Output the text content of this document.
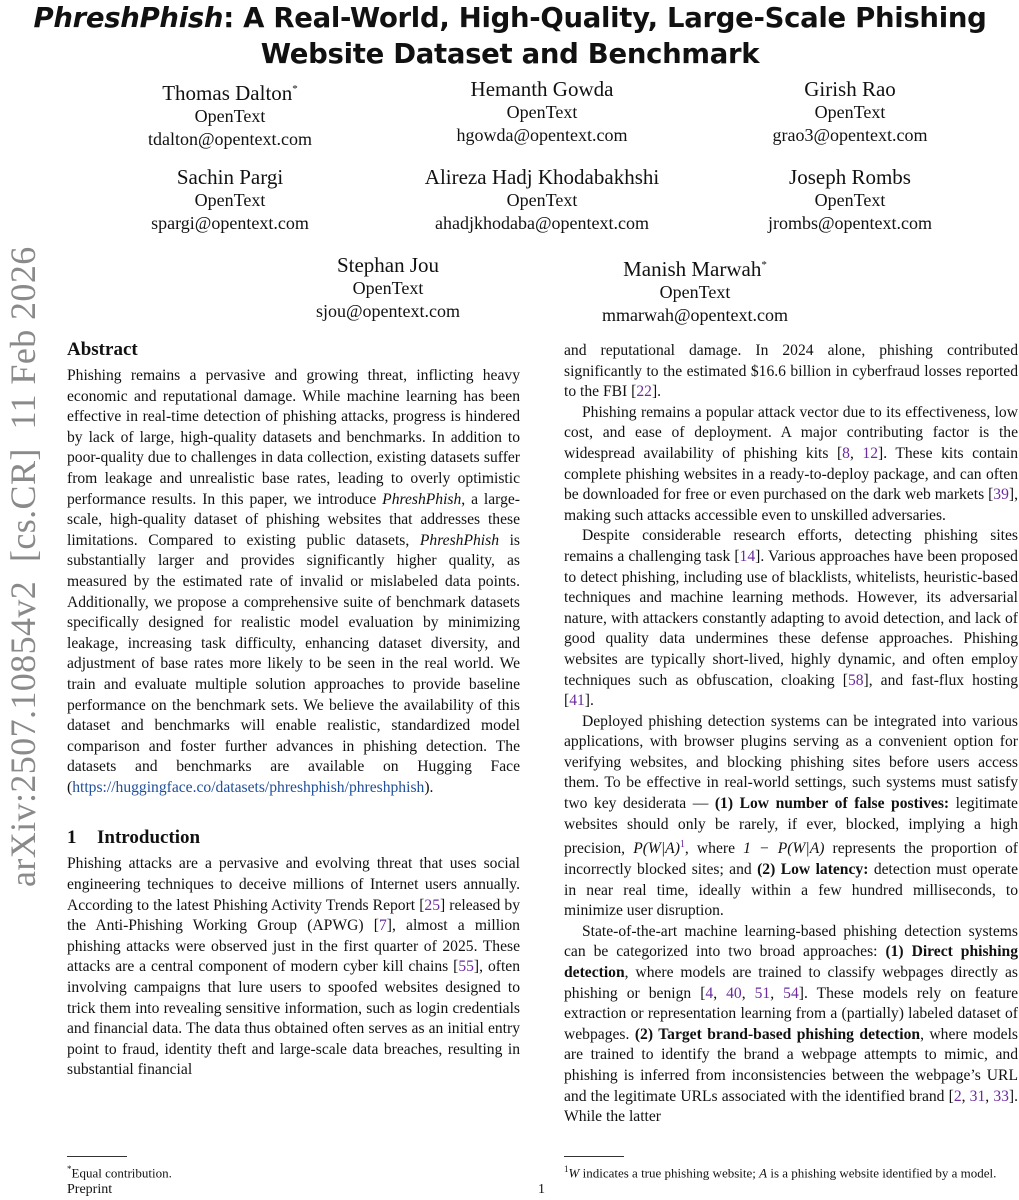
PhreshPhish: A Real-World, High-Quality, Large-Scale Phishing
Website Dataset and Benchmark
Thomas Dalton*
OpenText
tdalton@opentext.com
Hemanth Gowda
OpenText
hgowda@opentext.com
Girish Rao
OpenText
grao3@opentext.com
Sachin Pargi
OpenText
spargi@opentext.com
Alireza Hadj Khodabakhshi
OpenText
ahadjkhodaba@opentext.com
Joseph Rombs
OpenText
jrombs@opentext.com
Stephan Jou
OpenText
sjou@opentext.com
Manish Marwah*
OpenText
mmarwah@opentext.com
arXiv:2507.10854v2  [cs.CR]  11 Feb 2026 Abstract

Phishing remains a pervasive and growing threat, inflicting heavy economic and reputational damage. While machine learning has been effective in real-time detection of phishing attacks, progress is hindered by lack of large, high-quality datasets and benchmarks. In addition to poor-quality due to challenges in data collection, existing datasets suffer from leakage and unrealistic base rates, leading to overly optimistic performance results. In this paper, we introduce PhreshPhish, a large-scale, high-quality dataset of phishing websites that addresses these limitations. Compared to existing public datasets, PhreshPhish is substantially larger and provides significantly higher quality, as measured by the estimated rate of invalid or mislabeled data points. Additionally, we propose a comprehensive suite of benchmark datasets specifically designed for realistic model evaluation by minimizing leakage, increasing task difficulty, enhancing dataset diversity, and adjustment of base rates more likely to be seen in the real world. We train and evaluate multiple solution approaches to provide baseline performance on the benchmark sets. We believe the availability of this dataset and benchmarks will enable realistic, standardized model comparison and foster further advances in phishing detection. The datasets and benchmarks are available on Hugging Face (https://huggingface.co/datasets/phreshphish/phreshphish).

1 Introduction

Phishing attacks are a pervasive and evolving threat that uses social engineering techniques to deceive millions of Internet users annually. According to the latest Phishing Activity Trends Report [25] released by the Anti-Phishing Working Group (APWG) [7], almost a million phishing attacks were observed just in the first quarter of 2025. These attacks are a central component of modern cyber kill chains [55], often involving campaigns that lure users to spoofed websites designed to trick them into revealing sensitive information, such as login credentials and financial data. The data thus obtained often serves as an initial entry point to fraud, identity theft and large-scale data breaches, resulting in substantial financial

and reputational damage. In 2024 alone, phishing contributed significantly to the estimated $16.6 billion in cyberfraud losses reported to the FBI [22].

Phishing remains a popular attack vector due to its effectiveness, low cost, and ease of deployment. A major contributing factor is the widespread availability of phishing kits [8, 12]. These kits contain complete phishing websites in a ready-to-deploy package, and can often be downloaded for free or even purchased on the dark web markets [39], making such attacks accessible even to unskilled adversaries.

Despite considerable research efforts, detecting phishing sites remains a challenging task [14]. Various approaches have been proposed to detect phishing, including use of blacklists, whitelists, heuristic-based techniques and machine learning methods. However, its adversarial nature, with attackers constantly adapting to avoid detection, and lack of good quality data undermines these defense approaches. Phishing websites are typically short-lived, highly dynamic, and often employ techniques such as obfuscation, cloaking [58], and fast-flux hosting [41].

Deployed phishing detection systems can be integrated into various applications, with browser plugins serving as a convenient option for verifying websites, and blocking phishing sites before users access them. To be effective in real-world settings, such systems must satisfy two key desiderata — (1) Low number of false postives: legitimate websites should only be rarely, if ever, blocked, implying a high precision, P(W|A)$^1$, where 1 − P(W|A) represents the proportion of incorrectly blocked sites; and (2) Low latency: detection must operate in near real time, ideally within a few hundred milliseconds, to minimize user disruption.

State-of-the-art machine learning-based phishing detection systems can be categorized into two broad approaches: (1) Direct phishing detection, where models are trained to classify webpages directly as phishing or benign [4, 40, 51, 54]. These models rely on feature extraction or representation learning from a (partially) labeled dataset of webpages. (2) Target brand-based phishing detection, where models are trained to identify the brand a webpage attempts to mimic, and phishing is inferred from inconsistencies between the webpage’s URL and the legitimate URLs associated with the identified brand [2, 31, 33]. While the latter

*Equal contribution.	$^1$W indicates a true phishing website; A is a phishing website identified by a model.
Preprint	1
